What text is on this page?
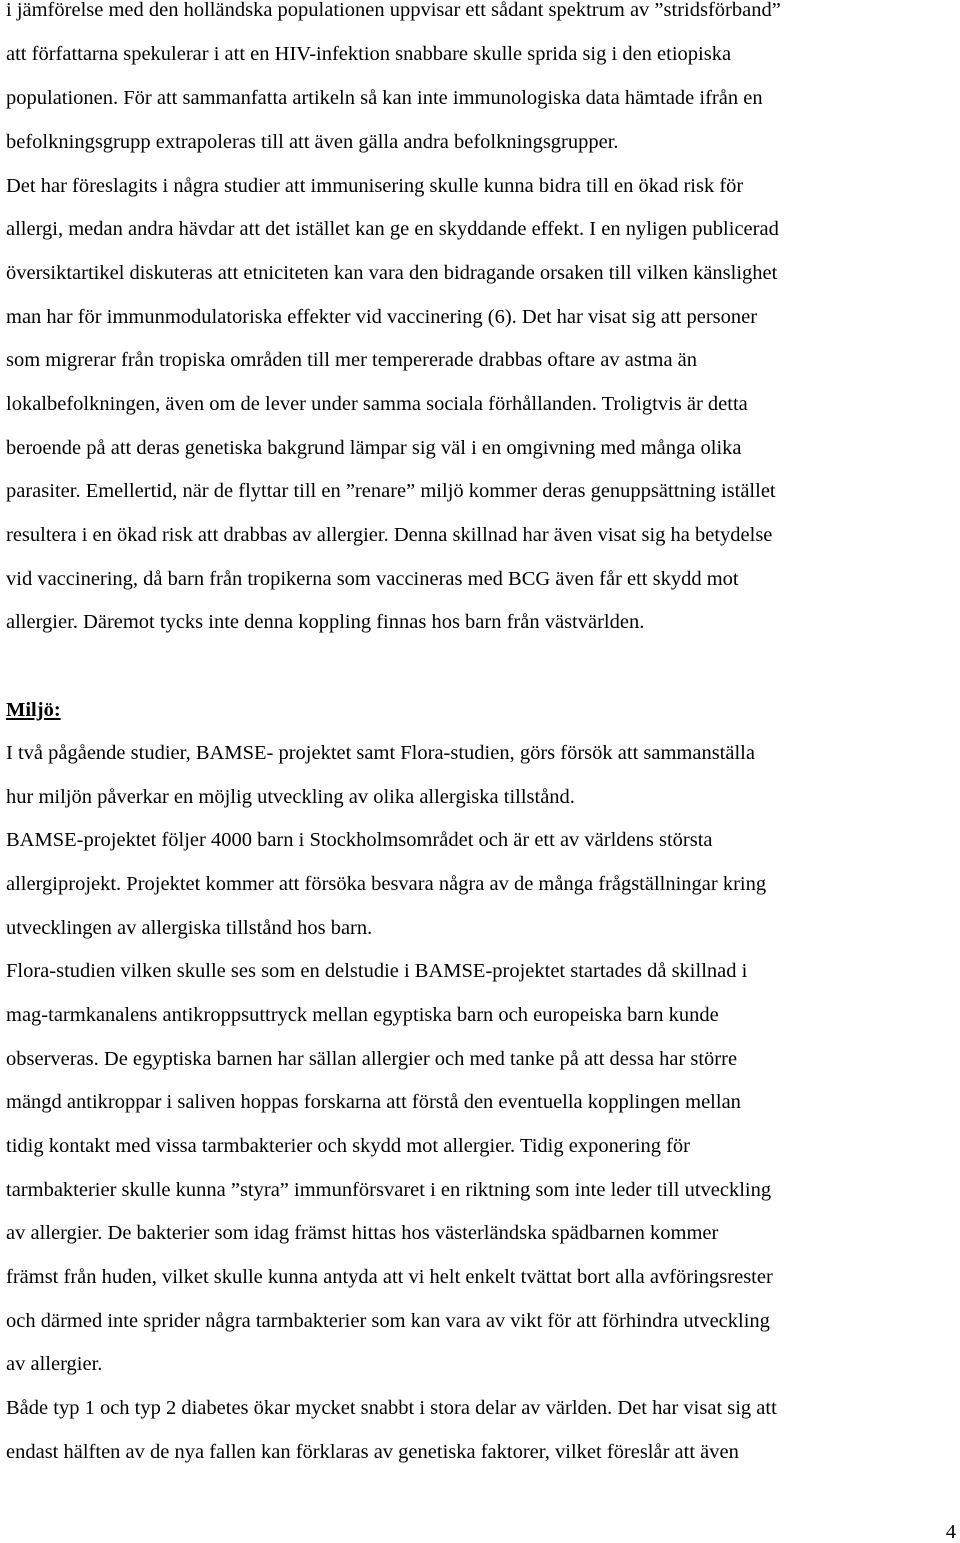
i jämförelse med den holländska populationen uppvisar ett sådant spektrum av ”stridsförband”
att författarna spekulerar i att en HIV-infektion snabbare skulle sprida sig i den etiopiska
populationen. För att sammanfatta artikeln så kan inte immunologiska data hämtade ifrån en
befolkningsgrupp extrapoleras till att även gälla andra befolkningsgrupper.
Det har föreslagits i några studier att immunisering skulle kunna bidra till en ökad risk för
allergi, medan andra hävdar att det istället kan ge en skyddande effekt. I en nyligen publicerad
översiktartikel diskuteras att etniciteten kan vara den bidragande orsaken till vilken känslighet
man har för immunmodulatoriska effekter vid vaccinering (6). Det har visat sig att personer
som migrerar från tropiska områden till mer tempererade drabbas oftare av astma än
lokalbefolkningen, även om de lever under samma sociala förhållanden. Troligtvis är detta
beroende på att deras genetiska bakgrund lämpar sig väl i en omgivning med många olika
parasiter. Emellertid, när de flyttar till en ”renare” miljö kommer deras genuppsättning istället
resultera i en ökad risk att drabbas av allergier. Denna skillnad har även visat sig ha betydelse
vid vaccinering, då barn från tropikerna som vaccineras med BCG även får ett skydd mot
allergier. Däremot tycks inte denna koppling finnas hos barn från västvärlden.
Miljö:
I två pågående studier, BAMSE- projektet samt Flora-studien, görs försök att sammanställa
hur miljön påverkar en möjlig utveckling av olika allergiska tillstånd.
BAMSE-projektet följer 4000 barn i Stockholmsområdet och är ett av världens största
allergiprojekt. Projektet kommer att försöka besvara några av de många frågställningar kring
utvecklingen av allergiska tillstånd hos barn.
Flora-studien vilken skulle ses som en delstudie i BAMSE-projektet startades då skillnad i
mag-tarmkanalens antikroppsuttryck mellan egyptiska barn och europeiska barn kunde
observeras. De egyptiska barnen har sällan allergier och med tanke på att dessa har större
mängd antikroppar i saliven hoppas forskarna att förstå den eventuella kopplingen mellan
tidig kontakt med vissa tarmbakterier och skydd mot allergier. Tidig exponering för
tarmbakterier skulle kunna ”styra” immunförsvaret i en riktning som inte leder till utveckling
av allergier. De bakterier som idag främst hittas hos västerländska spädbarnen kommer
främst från huden, vilket skulle kunna antyda att vi helt enkelt tvättat bort alla avföringsrester
och därmed inte sprider några tarmbakterier som kan vara av vikt för att förhindra utveckling
av allergier.
Både typ 1 och typ 2 diabetes ökar mycket snabbt i stora delar av världen. Det har visat sig att
endast hälften av de nya fallen kan förklaras av genetiska faktorer, vilket föreslår att även
4
